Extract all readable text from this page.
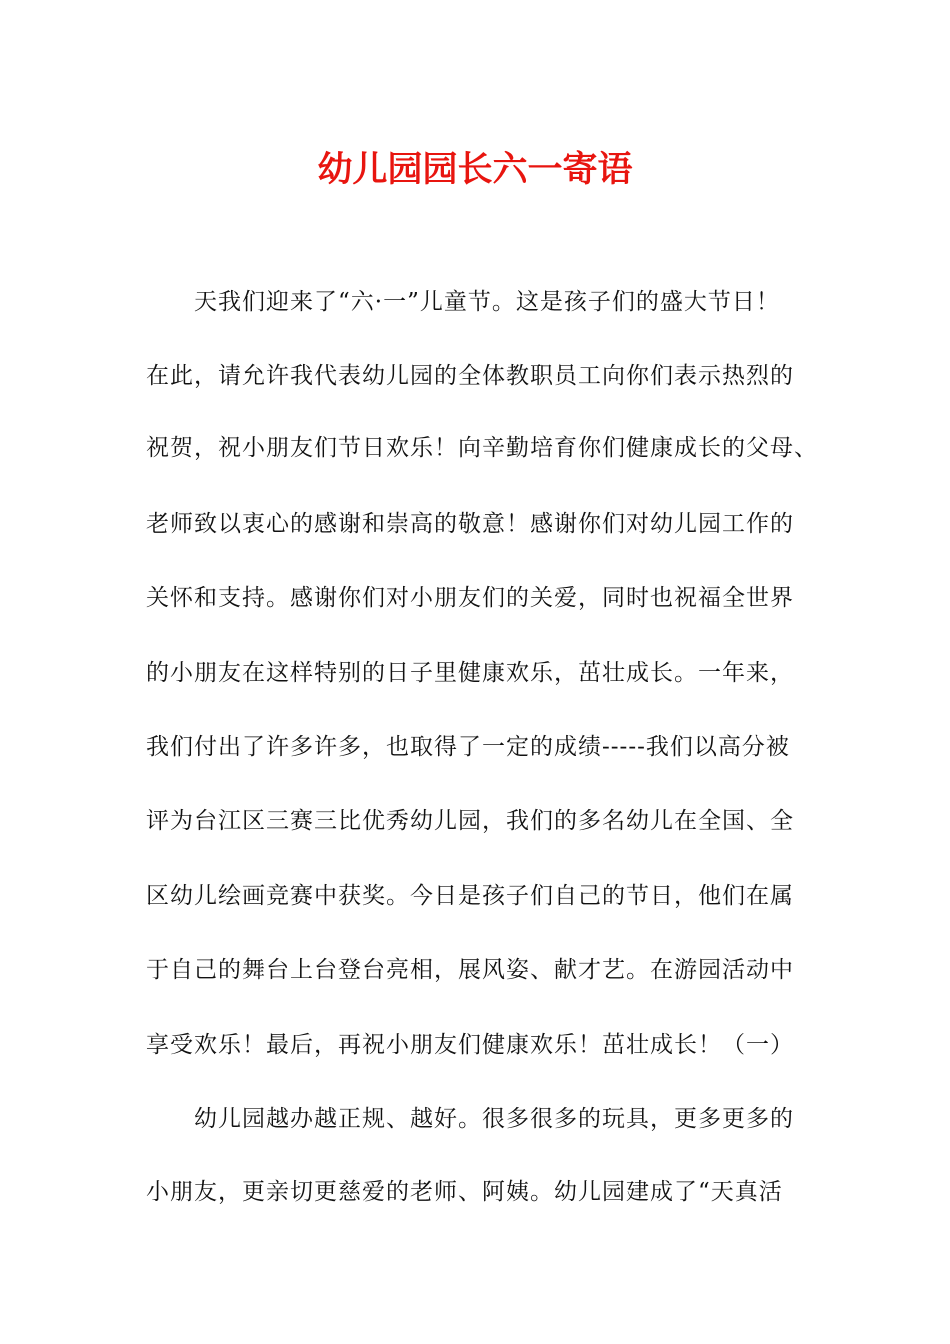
幼儿园园长六一寄语
天我们迎来了“六·一”儿童节。这是孩子们的盛大节日！
在此，请允许我代表幼儿园的全体教职员工向你们表示热烈的
祝贺，祝小朋友们节日欢乐！向辛勤培育你们健康成长的父母、
老师致以衷心的感谢和崇高的敬意！感谢你们对幼儿园工作的
关怀和支持。感谢你们对小朋友们的关爱，同时也祝福全世界
的小朋友在这样特别的日子里健康欢乐，茁壮成长。一年来，
我们付出了许多许多，也取得了一定的成绩-----我们以高分被
评为台江区三赛三比优秀幼儿园，我们的多名幼儿在全国、全
区幼儿绘画竞赛中获奖。今日是孩子们自己的节日，他们在属
于自己的舞台上台登台亮相，展风姿、献才艺。在游园活动中
享受欢乐！最后，再祝小朋友们健康欢乐！茁壮成长！（一）
幼儿园越办越正规、越好。很多很多的玩具，更多更多的
小朋友，更亲切更慈爱的老师、阿姨。幼儿园建成了“天真活
